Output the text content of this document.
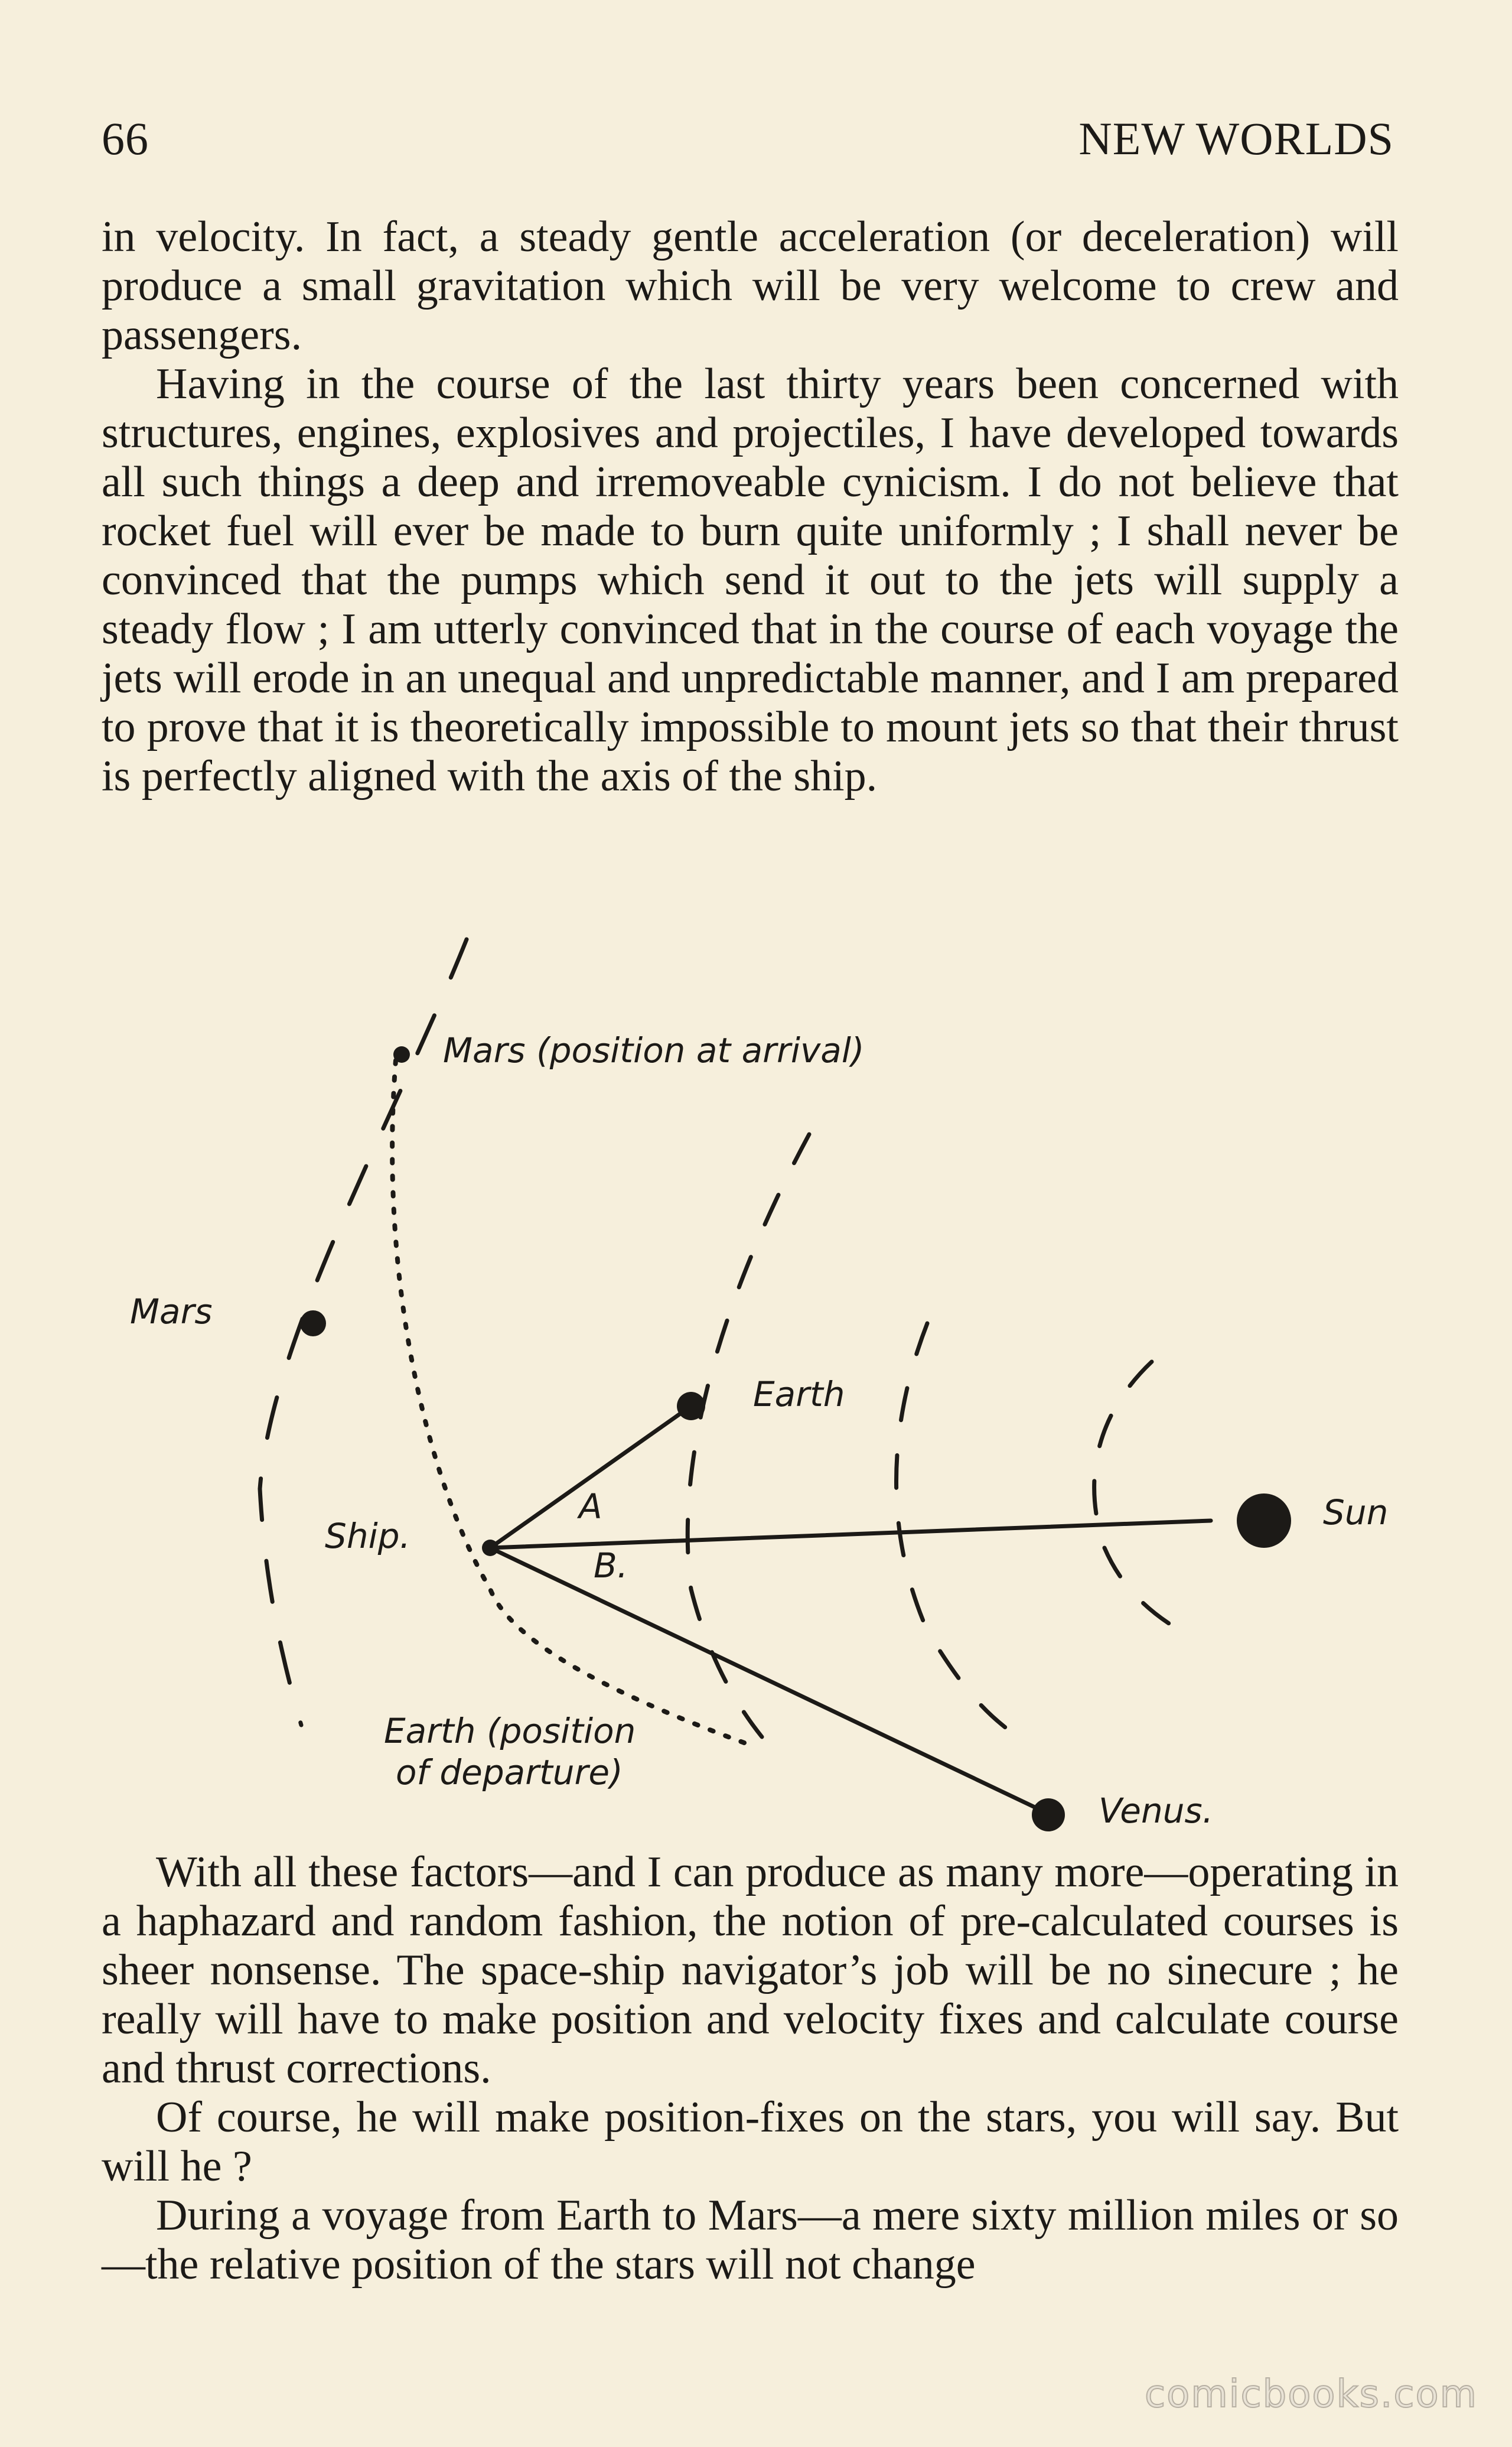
66	NEW WORLDS

in velocity. In fact, a steady gentle acceleration (or deceleration) will produce a small gravitation which will be very welcome to crew and passengers.

Having in the course of the last thirty years been concerned with structures, engines, explosives and projectiles, I have developed towards all such things a deep and irremoveable cynicism. I do not believe that rocket fuel will ever be made to burn quite uniformly ; I shall never be convinced that the pumps which send it out to the jets will supply a steady flow ; I am utterly convinced that in the course of each voyage the jets will erode in an unequal and unpredictable manner, and I am prepared to prove that it is theoretically impossible to mount jets so that their thrust is perfectly aligned with the axis of the ship.

Mars (position at arrival)
Mars
Earth
Sun
Ship.
A
B.
Earth (position
of departure)
Venus.

With all these factors—and I can produce as many more—operating in a haphazard and random fashion, the notion of pre-calculated courses is sheer nonsense. The space-ship navigator’s job will be no sinecure ; he really will have to make position and velocity fixes and calculate course and thrust corrections.

Of course, he will make position-fixes on the stars, you will say. But will he ?

During a voyage from Earth to Mars—a mere sixty million miles or so—the relative position of the stars will not change

comicbooks.com
